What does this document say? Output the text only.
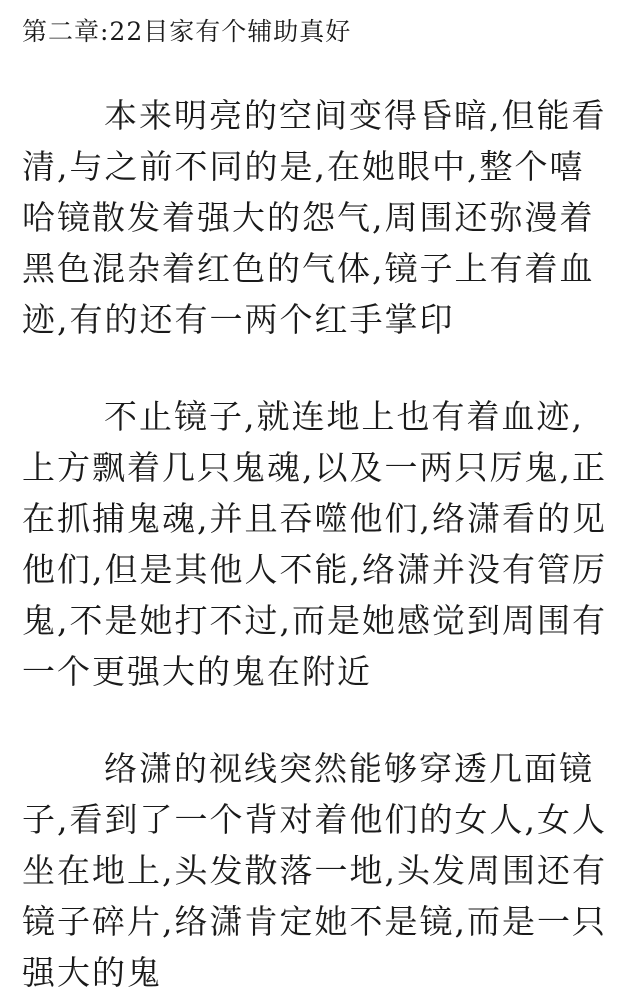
第二章:22目家有个辅助真好

本来明亮的空间变得昏暗,但能看清,与之前不同的是,在她眼中,整个嘻哈镜散发着强大的怨气,周围还弥漫着黑色混杂着红色的气体,镜子上有着血迹,有的还有一两个红手掌印

不止镜子,就连地上也有着血迹,上方飘着几只鬼魂,以及一两只厉鬼,正在抓捕鬼魂,并且吞噬他们,络潇看的见他们,但是其他人不能,络潇并没有管厉鬼,不是她打不过,而是她感觉到周围有一个更强大的鬼在附近

络潇的视线突然能够穿透几面镜子,看到了一个背对着他们的女人,女人坐在地上,头发散落一地,头发周围还有镜子碎片,络潇肯定她不是镜,而是一只强大的鬼
